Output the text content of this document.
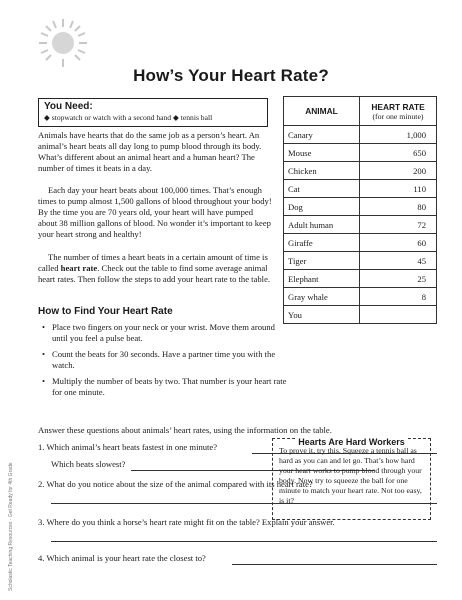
How’s Your Heart Rate?
You Need:
◆ stopwatch or watch with a second hand ◆ tennis ball

Animals have hearts that do the same job as a person’s heart. An animal’s heart beats all day long to pump blood through its body. What’s different about an animal heart and a human heart? The number of times it beats in a day.

Each day your heart beats about 100,000 times. That’s enough times to pump almost 1,500 gallons of blood throughout your body! By the time you are 70 years old, your heart will have pumped about 38 million gallons of blood. No wonder it’s important to keep your heart strong and healthy!

The number of times a heart beats in a certain amount of time is called heart rate. Check out the table to find some average animal heart rates. Then follow the steps to add your heart rate to the table.

How to Find Your Heart Rate
• Place two fingers on your neck or your wrist. Move them around until you feel a pulse beat.
• Count the beats for 30 seconds. Have a partner time you with the watch.
• Multiply the number of beats by two. That number is your heart rate for one minute.
ANIMAL	HEART RATE
(for one minute)

Canary	1,000
Mouse	650
Chicken	200
Cat	110
Dog	80
Adult human	72
Giraffe	60
Tiger	45
Elephant	25
Gray whale	8
You	
Hearts Are Hard Workers

To prove it, try this. Squeeze a tennis ball as hard as you can and let go. That’s how hard your heart works to pump blood through your body. Now try to squeeze the ball for one minute to match your heart rate. Not too easy, is it?

Answer these questions about animals’ heart rates, using the information on the table.
1. Which animal’s heart beats fastest in one minute?
Which beats slowest?
2. What do you notice about the size of the animal compared with its heart rate?
3. Where do you think a horse’s heart rate might fit on the table? Explain your answer.
4. Which animal is your heart rate the closest to?
Scholastic Teaching Resources · Get Ready for 4th Grade
